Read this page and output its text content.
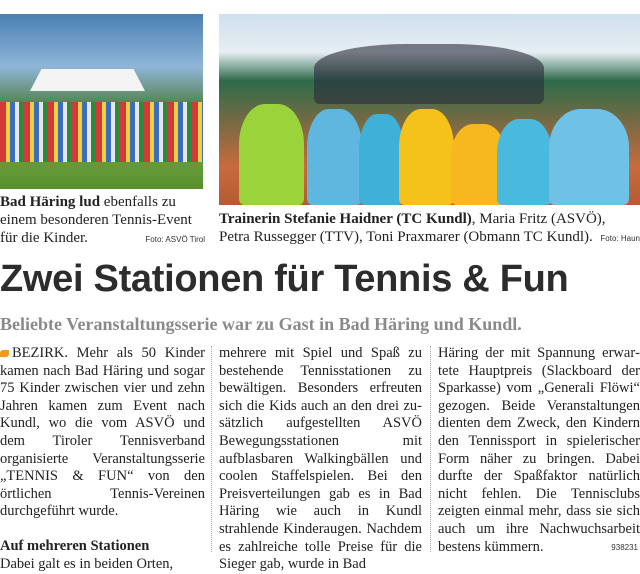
Bad Häring lud ebenfalls zu einem besonderen Tennis-Event für die Kinder.	Foto: ASVÖ Tirol
Trainerin Stefanie Haidner (TC Kundl), Maria Fritz (ASVÖ), Petra Russegger (TTV), Toni Praxmarer (Obmann TC Kundl). Foto: Haun
Zwei Stationen für Tennis & Fun
Beliebte Veranstaltungsserie war zu Gast in Bad Häring und Kundl.
BEZIRK. Mehr als 50 Kinder kamen nach Bad Häring und sogar 75 Kinder zwischen vier und zehn Jahren kamen zum Event nach Kundl, wo die vom ASVÖ und dem Tiroler Tennisverband organisierte Veranstaltungsserie „TENNIS & FUN“ von den örtlichen Tennis-Vereinen durchgeführt wurde.
Auf mehreren Stationen
Dabei galt es in beiden Orten,
mehrere mit Spiel und Spaß zu bestehende Tennisstationen zu bewältigen. Besonders erfreuten sich die Kids auch an den drei zusätzlich aufgestellten ASVÖ Bewegungsstationen mit aufblasbaren Walkingbällen und coolen Staffelspielen. Bei den Preisverteilungen gab es in Bad Häring wie auch in Kundl strahlende Kinderaugen. Nachdem es zahlreiche tolle Preise für die Sieger gab, wurde in Bad
Häring der mit Spannung erwartete Hauptpreis (Slackboard der Sparkasse) vom „Generali Flöwi“ gezogen. Beide Veranstaltungen dienten dem Zweck, den Kindern den Tennissport in spielerischer Form näher zu bringen. Dabei durfte der Spaßfaktor natürlich nicht fehlen. Die Tennisclubs zeigten einmal mehr, dass sie sich auch um ihre Nachwuchsarbeit bestens kümmern.	938231
